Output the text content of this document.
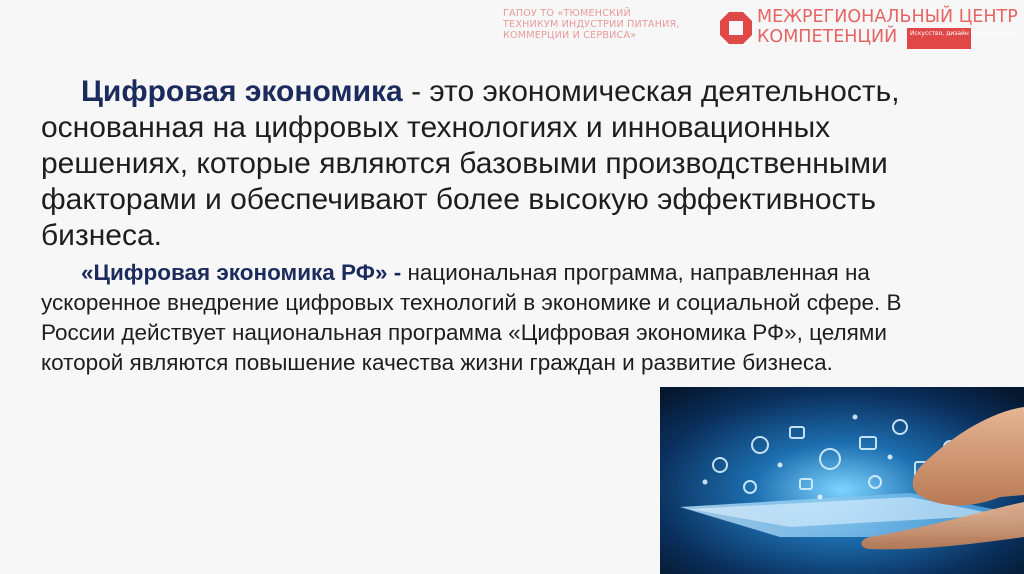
ГАПОУ ТО «ТЮМЕНСКИЙ
ТЕХНИКУМ ИНДУСТРИИ ПИТАНИЯ,
КОММЕРЦИИ И СЕРВИСА»
МЕЖРЕГИОНАЛЬНЫЙ ЦЕНТР
КОМПЕТЕНЦИЙ	Искусство, дизайн и сфера услуг
Цифровая экономика - это экономическая деятельность, основанная на цифровых технологиях и инновационных решениях, которые являются базовыми производственными факторами и обеспечивают более высокую эффективность бизнеса.
«Цифровая экономика РФ» - национальная программа, направленная на ускоренное внедрение цифровых технологий в экономике и социальной сфере. В России действует национальная программа «Цифровая экономика РФ», целями которой являются повышение качества жизни граждан и развитие бизнеса.
